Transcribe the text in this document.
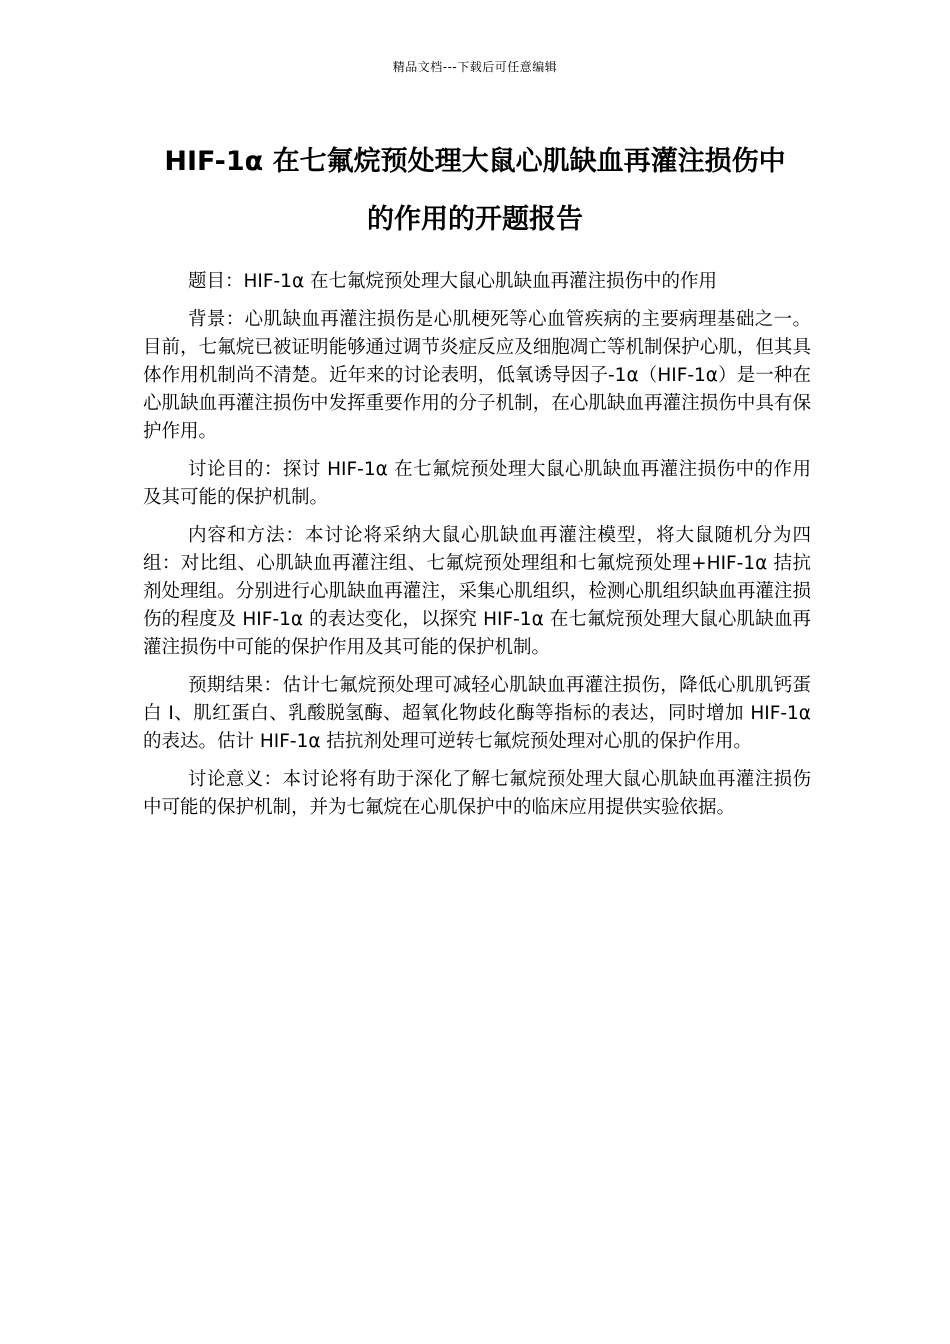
精品文档---下载后可任意编辑
HIF-1α 在七氟烷预处理大鼠心肌缺血再灌注损伤中
的作用的开题报告

题目：HIF-1α 在七氟烷预处理大鼠心肌缺血再灌注损伤中的作用

背景：心肌缺血再灌注损伤是心肌梗死等心血管疾病的主要病理基础之一。目前，七氟烷已被证明能够通过调节炎症反应及细胞凋亡等机制保护心肌，但其具体作用机制尚不清楚。近年来的讨论表明，低氧诱导因子-1α（HIF-1α）是一种在心肌缺血再灌注损伤中发挥重要作用的分子机制，在心肌缺血再灌注损伤中具有保护作用。

讨论目的：探讨 HIF-1α 在七氟烷预处理大鼠心肌缺血再灌注损伤中的作用及其可能的保护机制。

内容和方法：本讨论将采纳大鼠心肌缺血再灌注模型，将大鼠随机分为四组：对比组、心肌缺血再灌注组、七氟烷预处理组和七氟烷预处理+HIF-1α 拮抗剂处理组。分别进行心肌缺血再灌注，采集心肌组织，检测心肌组织缺血再灌注损伤的程度及 HIF-1α 的表达变化，以探究 HIF-1α 在七氟烷预处理大鼠心肌缺血再灌注损伤中可能的保护作用及其可能的保护机制。

预期结果：估计七氟烷预处理可减轻心肌缺血再灌注损伤，降低心肌肌钙蛋白 I、肌红蛋白、乳酸脱氢酶、超氧化物歧化酶等指标的表达，同时增加 HIF-1α 的表达。估计 HIF-1α 拮抗剂处理可逆转七氟烷预处理对心肌的保护作用。

讨论意义：本讨论将有助于深化了解七氟烷预处理大鼠心肌缺血再灌注损伤中可能的保护机制，并为七氟烷在心肌保护中的临床应用提供实验依据。
